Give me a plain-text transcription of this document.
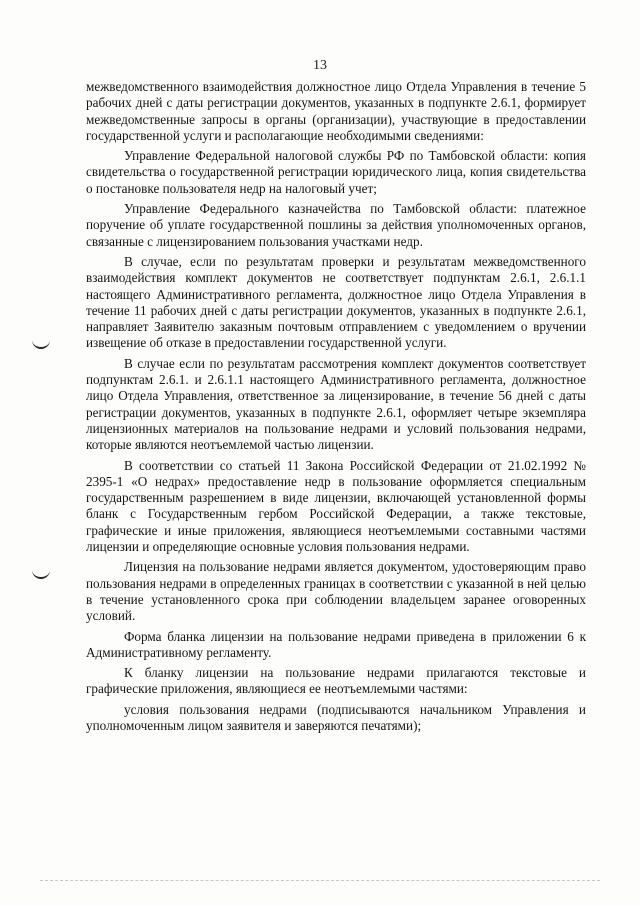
13

межведомственного взаимодействия должностное лицо Отдела Управления в течение 5 рабочих дней с даты регистрации документов, указанных в подпункте 2.6.1, формирует межведомственные запросы в органы (организации), участвующие в предоставлении государственной услуги и располагающие необходимыми сведениями:

Управление Федеральной налоговой службы РФ по Тамбовской области: копия свидетельства о государственной регистрации юридического лица, копия свидетельства о постановке пользователя недр на налоговый учет;

Управление Федерального казначейства по Тамбовской области: платежное поручение об уплате государственной пошлины за действия уполномоченных органов, связанные с лицензированием пользования участками недр.

В случае, если по результатам проверки и результатам межведомственного взаимодействия комплект документов не соответствует подпунктам 2.6.1, 2.6.1.1 настоящего Административного регламента, должностное лицо Отдела Управления в течение 11 рабочих дней с даты регистрации документов, указанных в подпункте 2.6.1, направляет Заявителю заказным почтовым отправлением с уведомлением о вручении извещение об отказе в предоставлении государственной услуги.

В случае если по результатам рассмотрения комплект документов соответствует подпунктам 2.6.1. и 2.6.1.1 настоящего Административного регламента, должностное лицо Отдела Управления, ответственное за лицензирование, в течение 56 дней с даты регистрации документов, указанных в подпункте 2.6.1, оформляет четыре экземпляра лицензионных материалов на пользование недрами и условий пользования недрами, которые являются неотъемлемой частью лицензии.

В соответствии со статьей 11 Закона Российской Федерации от 21.02.1992 № 2395-1 «О недрах» предоставление недр в пользование оформляется специальным государственным разрешением в виде лицензии, включающей установленной формы бланк с Государственным гербом Российской Федерации, а также текстовые, графические и иные приложения, являющиеся неотъемлемыми составными частями лицензии и определяющие основные условия пользования недрами.

Лицензия на пользование недрами является документом, удостоверяющим право пользования недрами в определенных границах в соответствии с указанной в ней целью в течение установленного срока при соблюдении владельцем заранее оговоренных условий.

Форма бланка лицензии на пользование недрами приведена в приложении 6 к Административному регламенту.

К бланку лицензии на пользование недрами прилагаются текстовые и графические приложения, являющиеся ее неотъемлемыми частями:

условия пользования недрами (подписываются начальником Управления и уполномоченным лицом заявителя и заверяются печатями);
